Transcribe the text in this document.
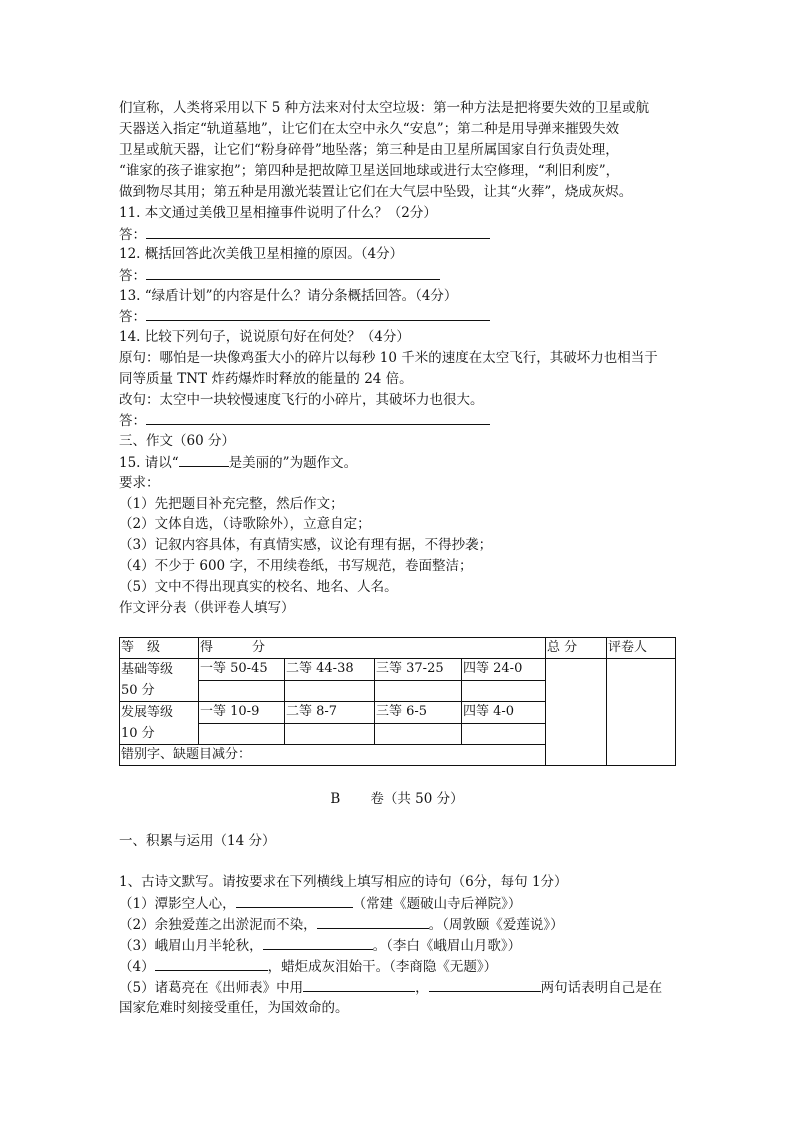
们宣称，人类将采用以下 5 种方法来对付太空垃圾：第一种方法是把将要失效的卫星或航
天器送入指定“轨道墓地”，让它们在太空中永久“安息”；第二种是用导弹来摧毁失效
卫星或航天器，让它们“粉身碎骨”地坠落；第三种是由卫星所属国家自行负责处理，
“谁家的孩子谁家抱”；第四种是把故障卫星送回地球或进行太空修理，“利旧利废”，
做到物尽其用；第五种是用激光装置让它们在大气层中坠毁，让其“火葬”，烧成灰烬。
11. 本文通过美俄卫星相撞事件说明了什么？（2分）
答：
12. 概括回答此次美俄卫星相撞的原因。（4分）
答：
13. “绿盾计划”的内容是什么？请分条概括回答。（4分）
答：
14. 比较下列句子，说说原句好在何处？（4分）
原句：哪怕是一块像鸡蛋大小的碎片以每秒 10 千米的速度在太空飞行，其破坏力也相当于
同等质量 TNT 炸药爆炸时释放的能量的 24 倍。
改句：太空中一块较慢速度飞行的小碎片，其破坏力也很大。
答：
三、作文（60 分）
15. 请以“	是美丽的”为题作文。
要求：
（1）先把题目补充完整，然后作文；
（2）文体自选，（诗歌除外），立意自定；
（3）记叙内容具体，有真情实感，议论有理有据，不得抄袭；
（4）不少于 600 字，不用续卷纸，书写规范，卷面整洁；
（5）文中不得出现真实的校名、地名、人名。
作文评分表（供评卷人填写）
等　级	得　　　分				总 分	评卷人
基础等级
50 分	一等 50-45	二等 44-38	三等 37-25	四等 24-0		

发展等级
10 分	一等 10-9	二等 8-7	三等 6-5	四等 4-0		

错别字、缺题目减分：						
B 卷（共 50 分）
一、积累与运用（14 分）
1、古诗文默写。请按要求在下列横线上填写相应的诗句（6分，每句 1分）
（1）潭影空人心，	（常建《题破山寺后禅院》）
（2）余独爱莲之出淤泥而不染，	。（周敦颐《爱莲说》）
（3）峨眉山月半轮秋，	。（李白《峨眉山月歌》）
（4）	，蜡炬成灰泪始干。（李商隐《无题》）
（5）诸葛亮在《出师表》中用	，	两句话表明自己是在
国家危难时刻接受重任，为国效命的。
